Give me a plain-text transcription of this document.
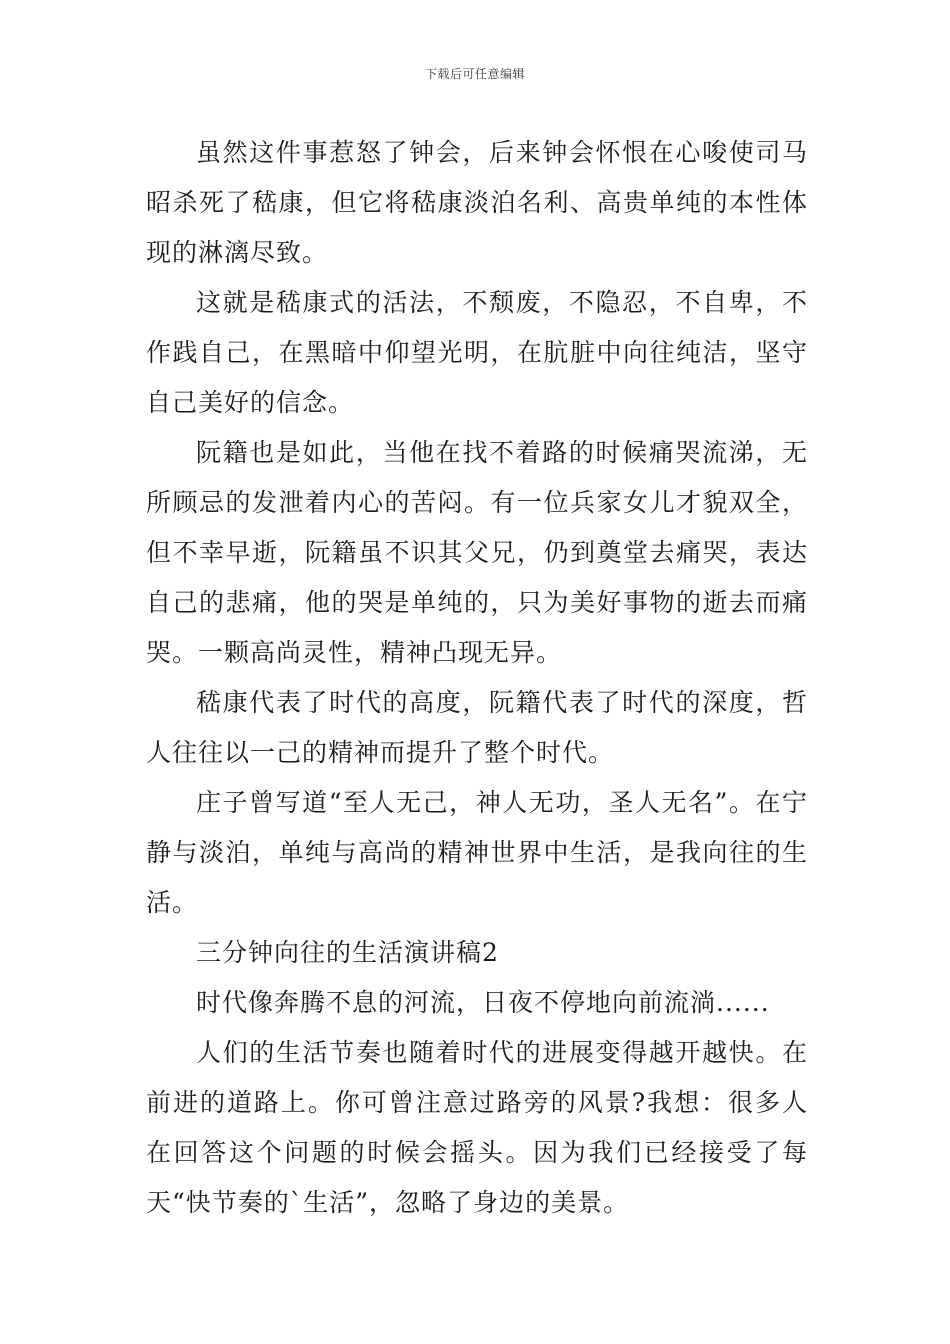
下载后可任意编辑

虽然这件事惹怒了钟会，后来钟会怀恨在心唆使司马昭杀死了嵇康，但它将嵇康淡泊名利、高贵单纯的本性体现的淋漓尽致。

这就是嵇康式的活法，不颓废，不隐忍，不自卑，不作践自己，在黑暗中仰望光明，在肮脏中向往纯洁，坚守自己美好的信念。

阮籍也是如此，当他在找不着路的时候痛哭流涕，无所顾忌的发泄着内心的苦闷。有一位兵家女儿才貌双全，但不幸早逝，阮籍虽不识其父兄，仍到奠堂去痛哭，表达自己的悲痛，他的哭是单纯的，只为美好事物的逝去而痛哭。一颗高尚灵性，精神凸现无异。

嵇康代表了时代的高度，阮籍代表了时代的深度，哲人往往以一己的精神而提升了整个时代。

庄子曾写道“至人无己，神人无功，圣人无名”。在宁静与淡泊，单纯与高尚的精神世界中生活，是我向往的生活。

三分钟向往的生活演讲稿2

时代像奔腾不息的河流，日夜不停地向前流淌......

人们的生活节奏也随着时代的进展变得越开越快。在前进的道路上。你可曾注意过路旁的风景?我想：很多人在回答这个问题的时候会摇头。因为我们已经接受了每天“快节奏的`生活”，忽略了身边的美景。
